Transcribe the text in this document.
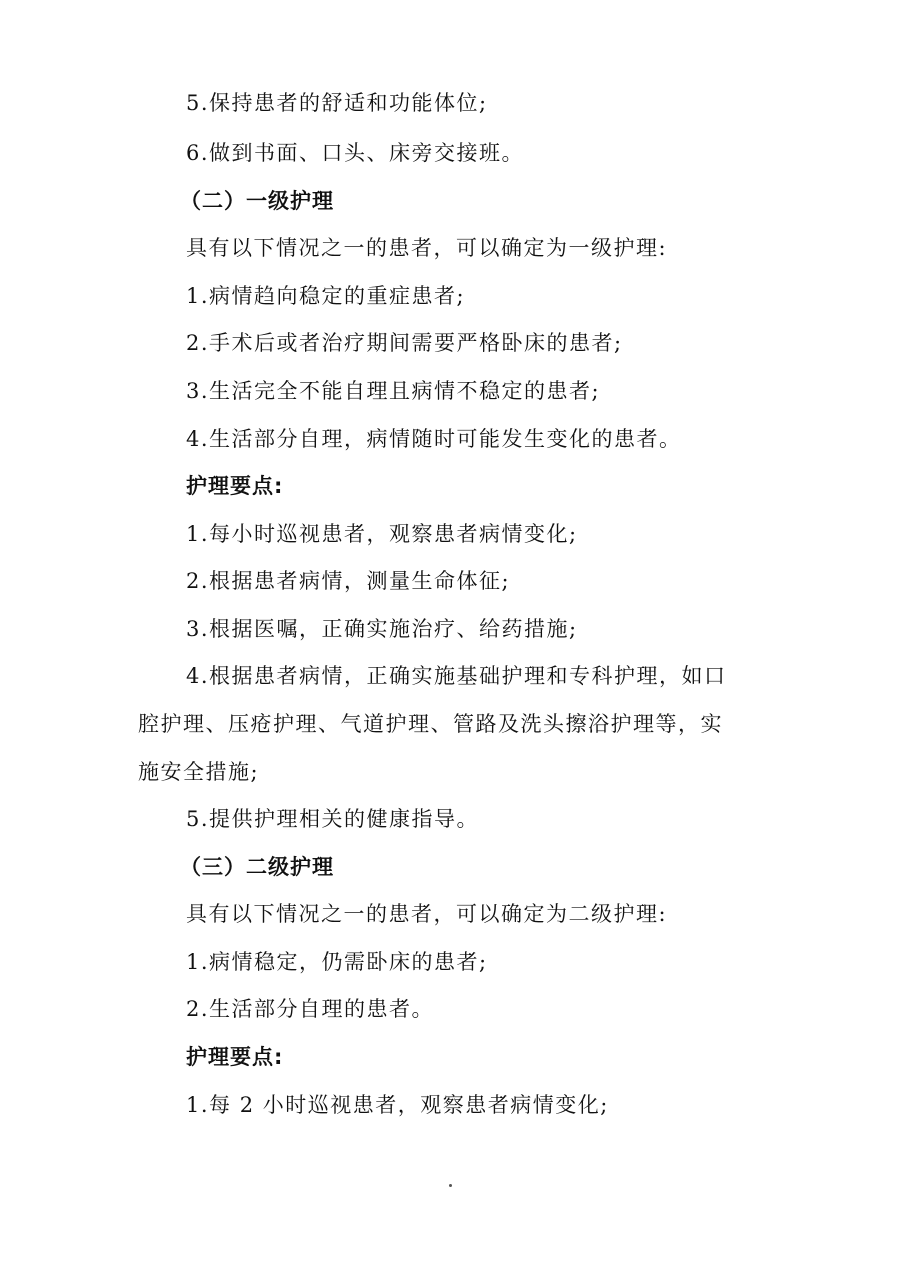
5.保持患者的舒适和功能体位;
6.做到书面、口头、床旁交接班。
（二）一级护理
具有以下情况之一的患者，可以确定为一级护理:
1.病情趋向稳定的重症患者;
2.手术后或者治疗期间需要严格卧床的患者;
3.生活完全不能自理且病情不稳定的患者;
4.生活部分自理，病情随时可能发生变化的患者。
护理要点:
1.每小时巡视患者，观察患者病情变化;
2.根据患者病情，测量生命体征;
3.根据医嘱，正确实施治疗、给药措施;
4.根据患者病情，正确实施基础护理和专科护理，如口
腔护理、压疮护理、气道护理、管路及洗头擦浴护理等，实
施安全措施;
5.提供护理相关的健康指导。
（三）二级护理
具有以下情况之一的患者，可以确定为二级护理:
1.病情稳定，仍需卧床的患者;
2.生活部分自理的患者。
护理要点:
1.每 2 小时巡视患者，观察患者病情变化;
